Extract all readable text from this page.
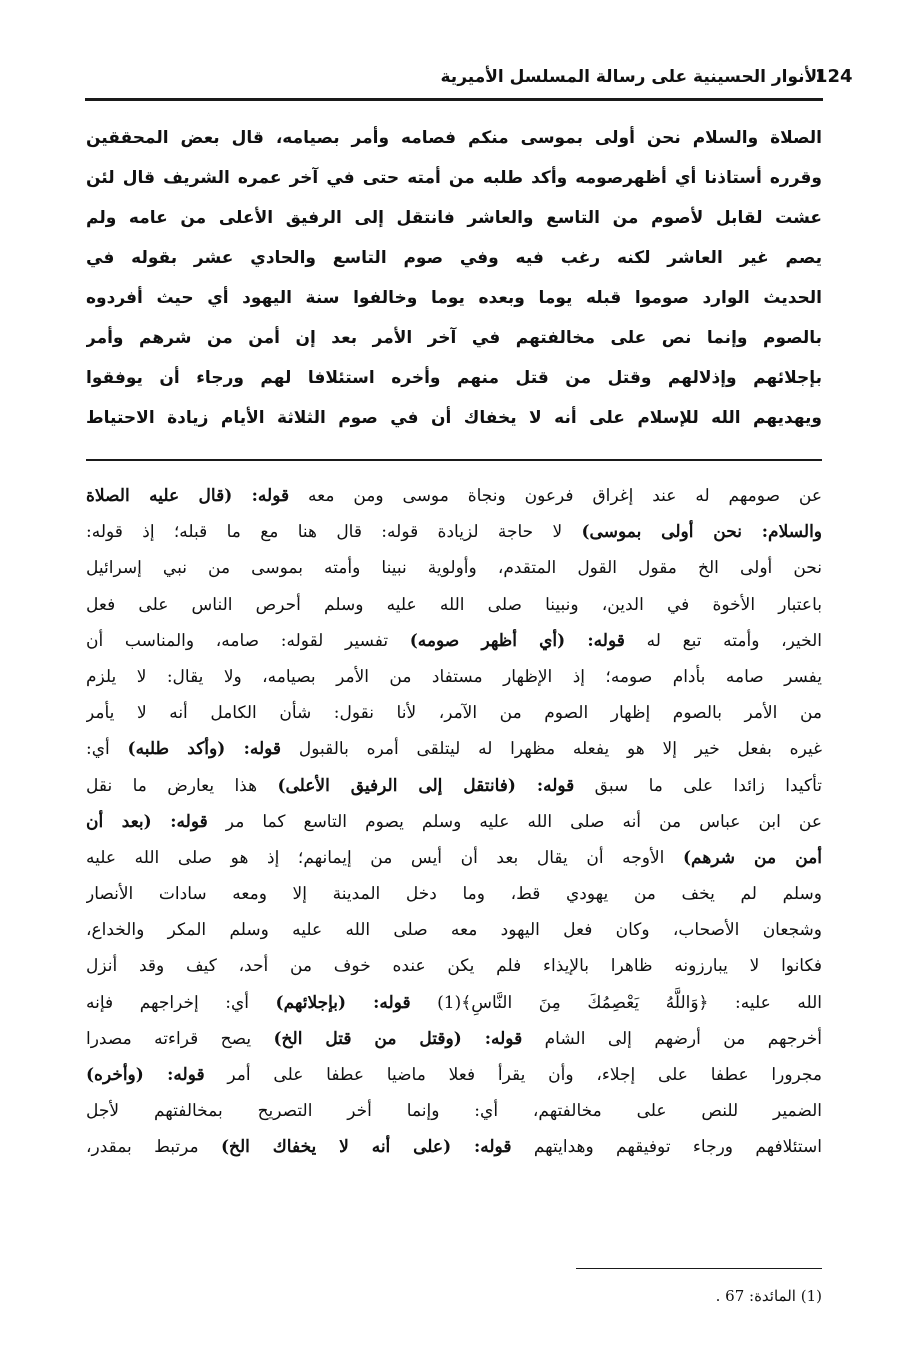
الأنوار الحسينية على رسالة المسلسل الأميرية
124
الصلاة والسلام نحن أولى بموسى منكم فصامه وأمر بصيامه، قال بعض المحققين
وقرره أستاذنا أي أظهرصومه وأكد طلبه من أمته حتى في آخر عمره الشريف قال لئن
عشت لقابل لأصوم من التاسع والعاشر فانتقل إلى الرفيق الأعلى من عامه ولم
يصم غير العاشر لكنه رغب فيه وفي صوم التاسع والحادي عشر بقوله في
الحديث الوارد صوموا قبله يوما وبعده يوما وخالفوا سنة اليهود أي حيث أفردوه
بالصوم وإنما نص على مخالفتهم في آخر الأمر بعد إن أمن من شرهم وأمر
بإجلائهم وإذلالهم وقتل من قتل منهم وأخره استئلافا لهم ورجاء أن يوفقوا
ويهديهم الله للإسلام على أنه لا يخفاك أن في صوم الثلاثة الأيام زيادة الاحتياط
عن صومهم له عند إغراق فرعون ونجاة موسى ومن معه قوله: (قال عليه الصلاة
والسلام: نحن أولى بموسى) لا حاجة لزيادة قوله: قال هنا مع ما قبله؛ إذ قوله:
نحن أولى الخ مقول القول المتقدم، وأولوية نبينا وأمته بموسى من نبي إسرائيل
باعتبار الأخوة في الدين، ونبينا صلى الله عليه وسلم أحرص الناس على فعل
الخير، وأمته تبع له قوله: (أي أظهر صومه) تفسير لقوله: صامه، والمناسب أن
يفسر صامه بأدام صومه؛ إذ الإظهار مستفاد من الأمر بصيامه، ولا يقال: لا يلزم
من الأمر بالصوم إظهار الصوم من الآمر، لأنا نقول: شأن الكامل أنه لا يأمر
غيره بفعل خير إلا هو يفعله مظهرا له ليتلقى أمره بالقبول قوله: (وأكد طلبه) أي:
تأكيدا زائدا على ما سبق قوله: (فانتقل إلى الرفيق الأعلى) هذا يعارض ما نقل
عن ابن عباس من أنه صلى الله عليه وسلم يصوم التاسع كما مر قوله: (بعد أن
أمن من شرهم) الأوجه أن يقال بعد أن أيس من إيمانهم؛ إذ هو صلى الله عليه
وسلم لم يخف من يهودي قط، وما دخل المدينة إلا ومعه سادات الأنصار
وشجعان الأصحاب، وكان فعل اليهود معه صلى الله عليه وسلم المكر والخداع،
فكانوا لا يبارزونه ظاهرا بالإيذاء فلم يكن عنده خوف من أحد، كيف وقد أنزل
الله عليه: ﴿وَاللَّهُ يَعْصِمُكَ مِنَ النَّاسِ﴾(1) قوله: (بإجلائهم) أي: إخراجهم فإنه
أخرجهم من أرضهم إلى الشام قوله: (وقتل من قتل الخ) يصح قراءته مصدرا
مجرورا عطفا على إجلاء، وأن يقرأ فعلا ماضيا عطفا على أمر قوله: (وأخره)
الضمير للنص على مخالفتهم، أي: وإنما أخر التصريح بمخالفتهم لأجل
استئلافهم ورجاء توفيقهم وهدايتهم قوله: (على أنه لا يخفاك الخ) مرتبط بمقدر،
(1) المائدة: 67 .
